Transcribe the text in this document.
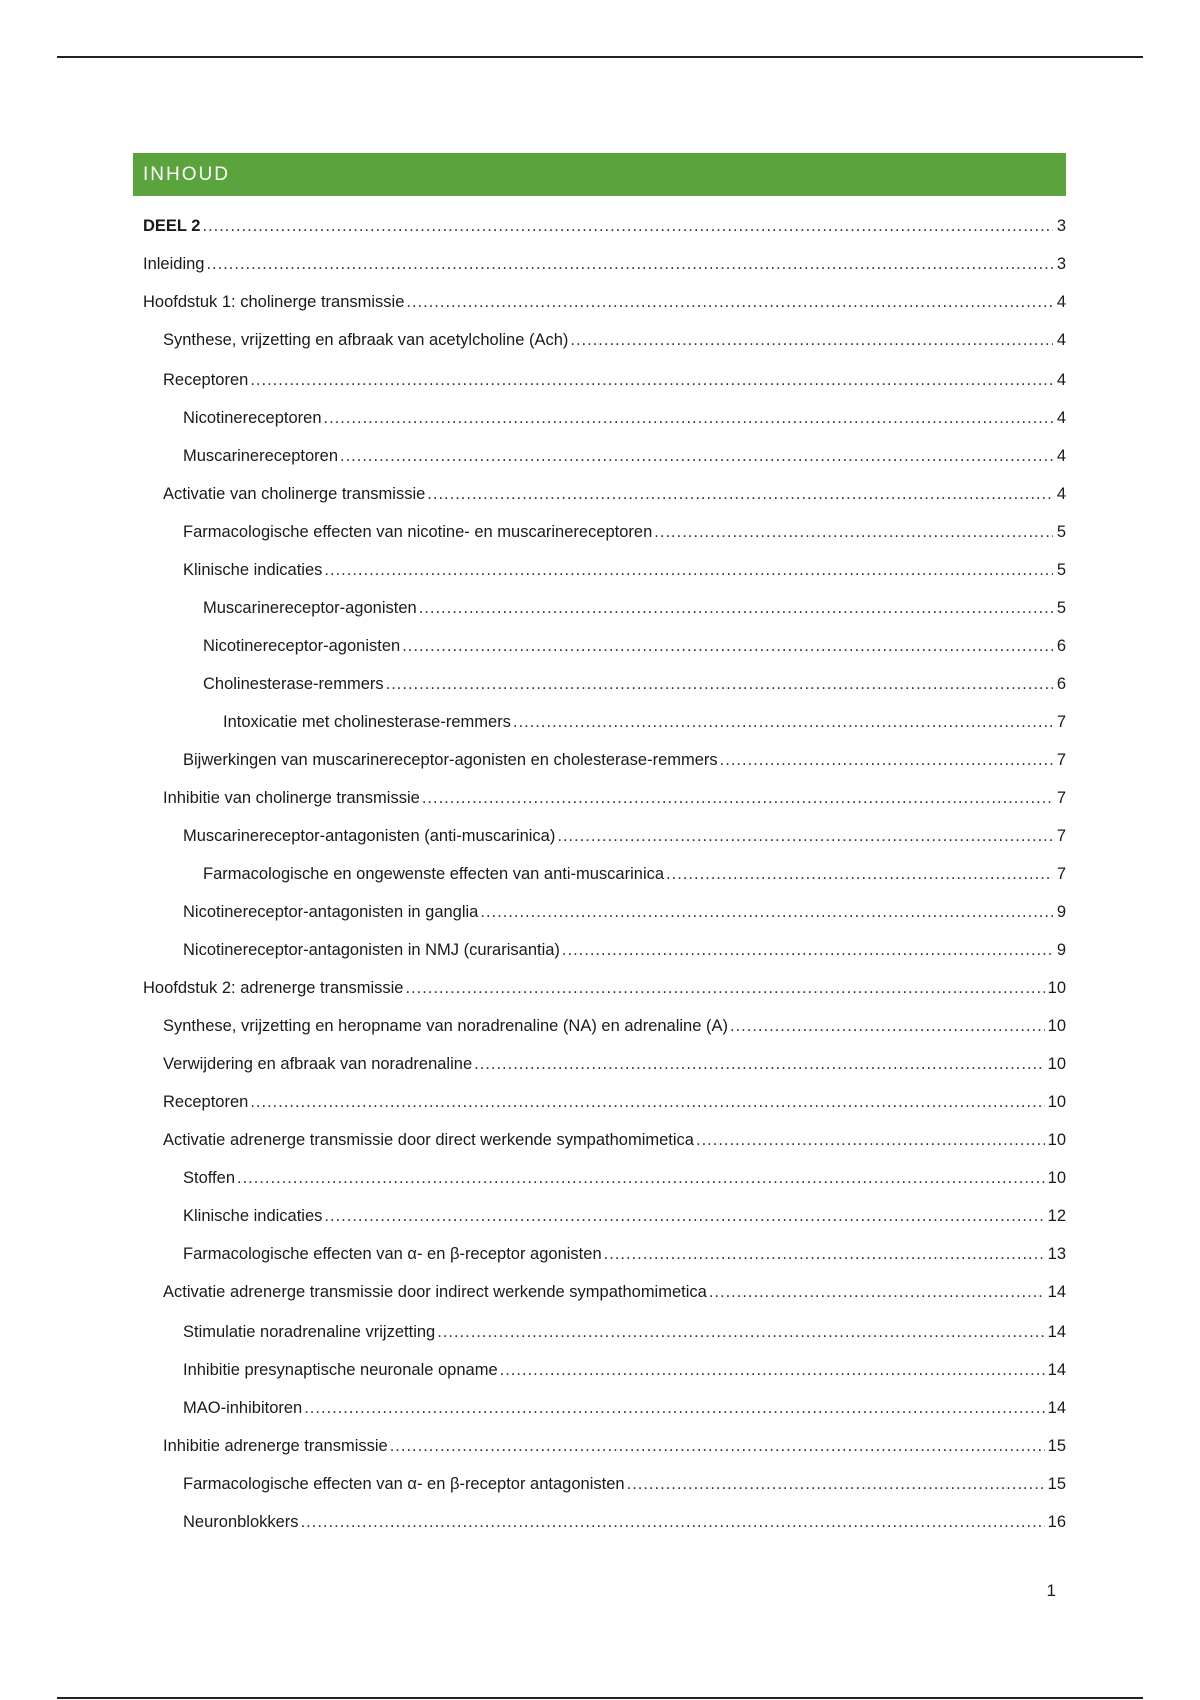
INHOUD
DEEL 2 .....	3
Inleiding .....	3
Hoofdstuk 1: cholinerge transmissie .....	4
Synthese, vrijzetting en afbraak van acetylcholine (Ach) .....	4
Receptoren .....	4
Nicotinereceptoren .....	4
Muscarinereceptoren .....	4
Activatie van cholinerge transmissie .....	4
Farmacologische effecten van nicotine- en muscarinereceptoren .....	5
Klinische indicaties .....	5
Muscarinereceptor-agonisten .....	5
Nicotinereceptor-agonisten .....	6
Cholinesterase-remmers .....	6
Intoxicatie met cholinesterase-remmers .....	7
Bijwerkingen van muscarinereceptor-agonisten en cholesterase-remmers .....	7
Inhibitie van cholinerge transmissie .....	7
Muscarinereceptor-antagonisten (anti-muscarinica) .....	7
Farmacologische en ongewenste effecten van anti-muscarinica .....	7
Nicotinereceptor-antagonisten in ganglia .....	9
Nicotinereceptor-antagonisten in NMJ (curarisantia) .....	9
Hoofdstuk 2: adrenerge transmissie .....	10
Synthese, vrijzetting en heropname van noradrenaline (NA) en adrenaline (A) .....	10
Verwijdering en afbraak van noradrenaline .....	10
Receptoren .....	10
Activatie adrenerge transmissie door direct werkende sympathomimetica .....	10
Stoffen .....	10
Klinische indicaties .....	12
Farmacologische effecten van α- en β-receptor agonisten .....	13
Activatie adrenerge transmissie door indirect werkende sympathomimetica .....	14
Stimulatie noradrenaline vrijzetting .....	14
Inhibitie presynaptische neuronale opname .....	14
MAO-inhibitoren .....	14
Inhibitie adrenerge transmissie .....	15
Farmacologische effecten van α- en β-receptor antagonisten .....	15
Neuronblokkers .....	16
1
